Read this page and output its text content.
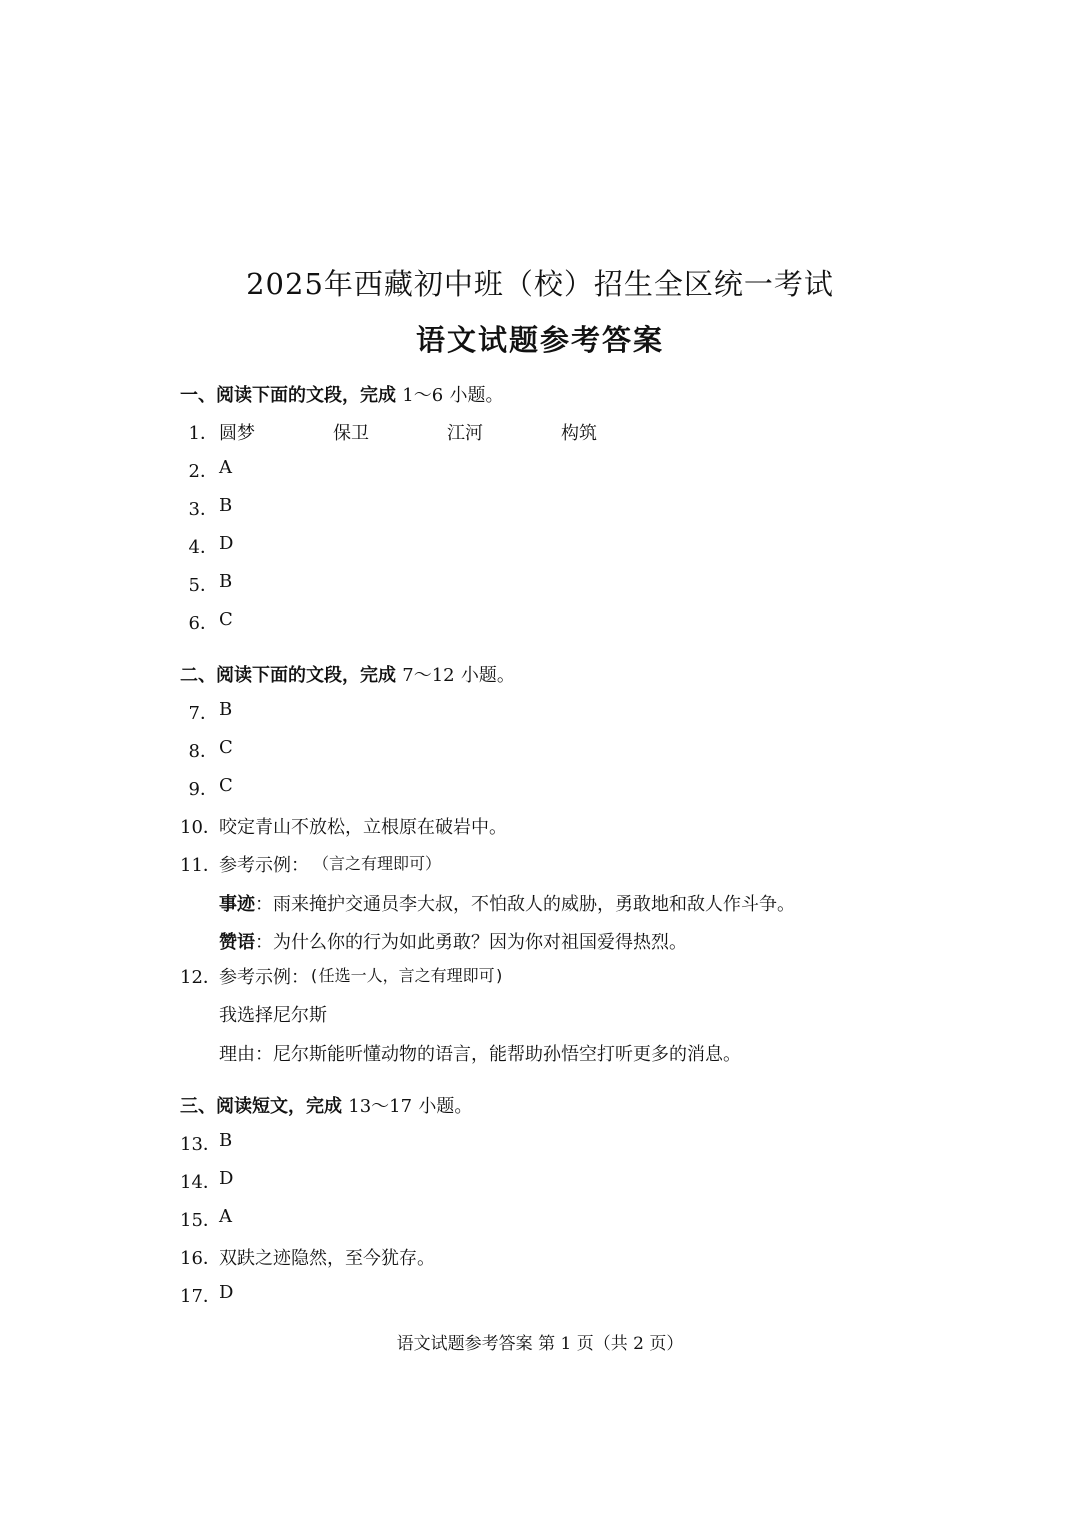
2025年西藏初中班（校）招生全区统一考试
语文试题参考答案
一、阅读下面的文段，完成 1～6 小题。
1． 圆梦	保卫	江河	构筑
2． A
3． B
4． D
5． B
6． C
二、阅读下面的文段，完成 7～12 小题。
7． B
8． C
9． C
10．
咬定青山不放松，立根原在破岩中。
11．
参考示例： （言之有理即可）
事迹：雨来掩护交通员李大叔，不怕敌人的威胁，勇敢地和敌人作斗争。
赞语：为什么你的行为如此勇敢？因为你对祖国爱得热烈。
12．
参考示例： (任选一人，言之有理即可)
我选择尼尔斯
理由：尼尔斯能听懂动物的语言，能帮助孙悟空打听更多的消息。
三、阅读短文，完成 13～17 小题。
13．
B
14．
D
15．
A
16．
双趺之迹隐然，至今犹存。
17．
D
语文试题参考答案 第 1 页（共 2 页）
